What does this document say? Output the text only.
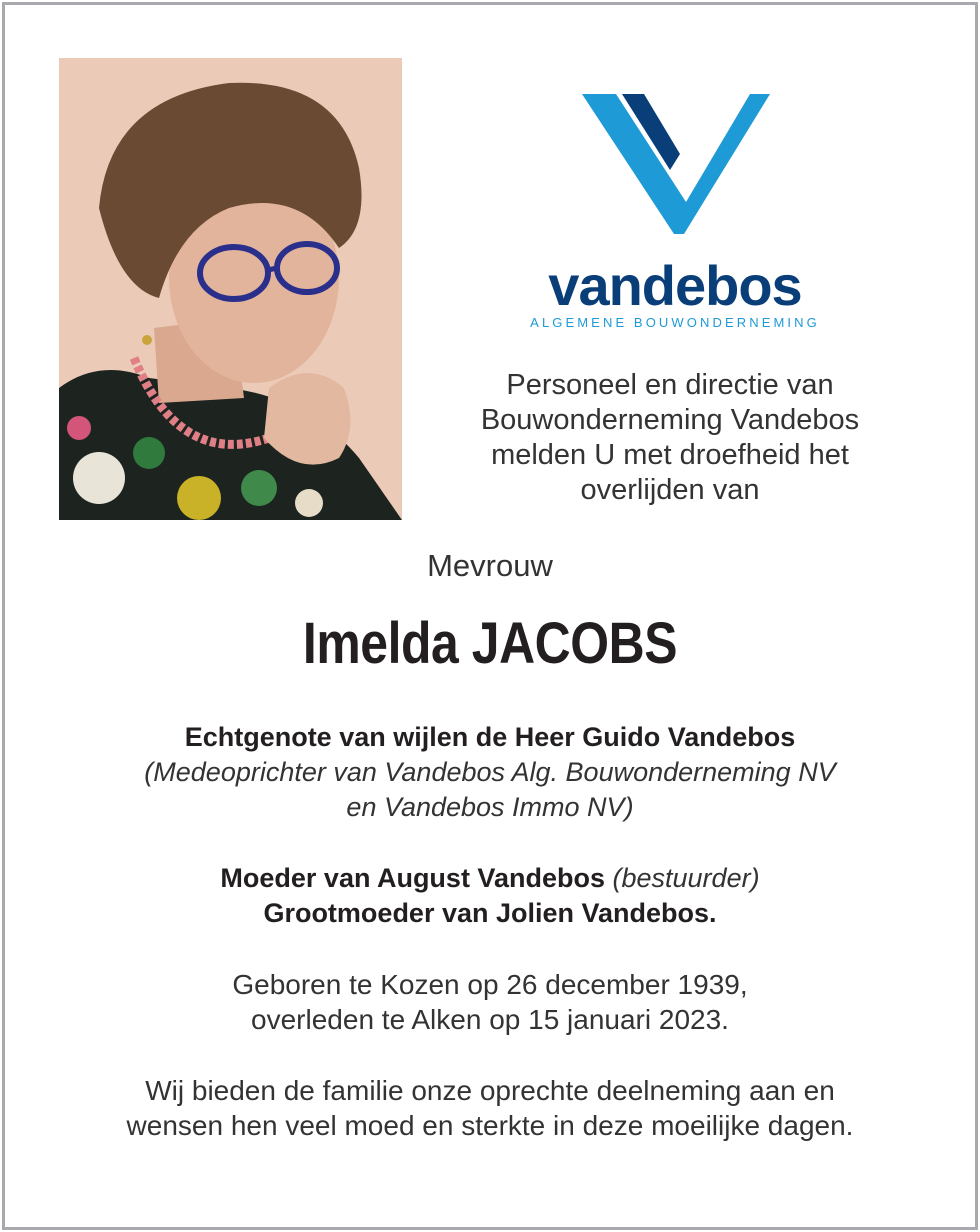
vandebos
ALGEMENE BOUWONDERNEMING
Personeel en directie van
Bouwonderneming Vandebos
melden U met droefheid het
overlijden van
Mevrouw
Imelda JACOBS
Echtgenote van wijlen de Heer Guido Vandebos
(Medeoprichter van Vandebos Alg. Bouwonderneming NV
en Vandebos Immo NV)
Moeder van August Vandebos (bestuurder)
Grootmoeder van Jolien Vandebos.
Geboren te Kozen op 26 december 1939,
overleden te Alken op 15 januari 2023.
Wij bieden de familie onze oprechte deelneming aan en
wensen hen veel moed en sterkte in deze moeilijke dagen.
